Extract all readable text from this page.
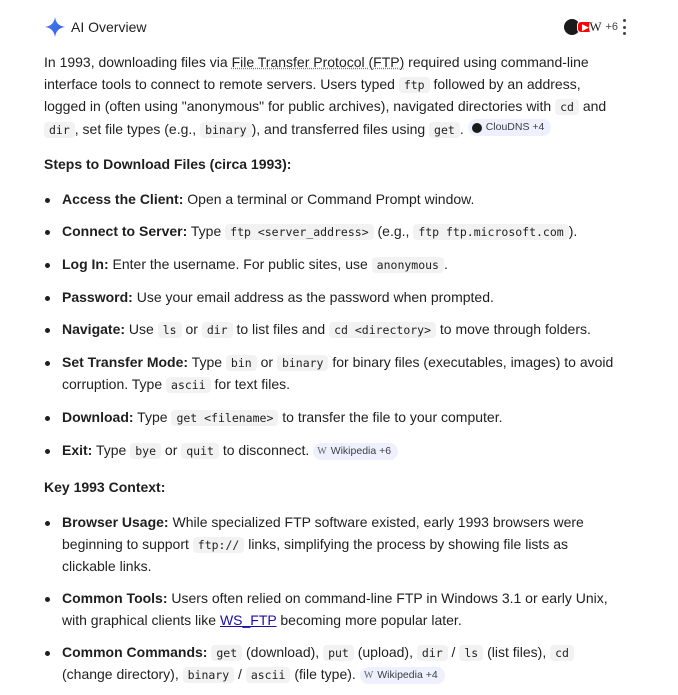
AI Overview	▶ W +6

In 1993, downloading files via File Transfer Protocol (FTP) required using command-line interface tools to connect to remote servers. Users typed ftp followed by an address, logged in (often using "anonymous" for public archives), navigated directories with cd and dir , set file types (e.g., binary ), and transferred files using get . ClouDNS +4

Steps to Download Files (circa 1993):
Access the Client: Open a terminal or Command Prompt window.
Connect to Server: Type ftp <server_address> (e.g., ftp ftp.microsoft.com ).
Log In: Enter the username. For public sites, use anonymous .
Password: Use your email address as the password when prompted.
Navigate: Use ls or dir to list files and cd <directory> to move through folders.
Set Transfer Mode: Type bin or binary for binary files (executables, images) to avoid corruption. Type ascii for text files.
Download: Type get <filename> to transfer the file to your computer.
Exit: Type bye or quit to disconnect. W Wikipedia +6
Key 1993 Context:
Browser Usage: While specialized FTP software existed, early 1993 browsers were beginning to support ftp:// links, simplifying the process by showing file lists as clickable links.
Common Tools: Users often relied on command-line FTP in Windows 3.1 or early Unix, with graphical clients like WS_FTP becoming more popular later.
Common Commands: get (download), put (upload), dir / ls (list files), cd (change directory), binary / ascii (file type). W Wikipedia +4
